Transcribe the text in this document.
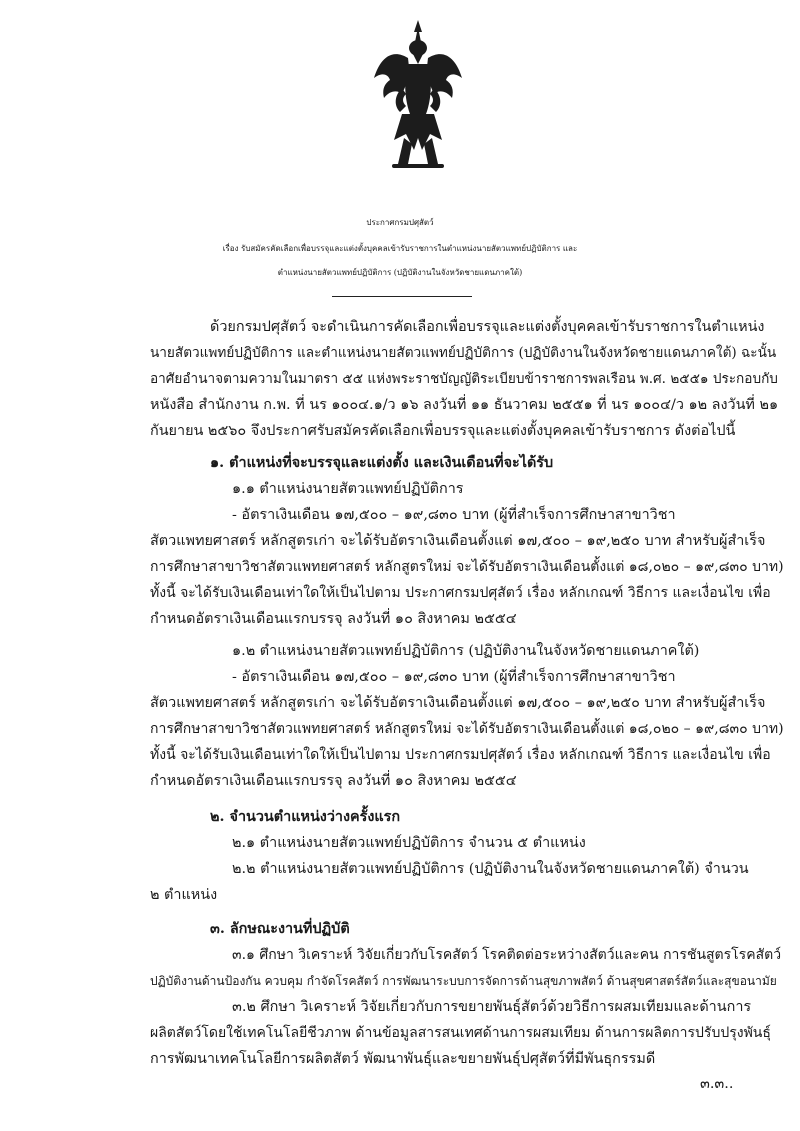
ประกาศกรมปศุสัตว์
เรื่อง รับสมัครคัดเลือกเพื่อบรรจุและแต่งตั้งบุคคลเข้ารับราชการในตำแหน่งนายสัตวแพทย์ปฏิบัติการ และ
ตำแหน่งนายสัตวแพทย์ปฏิบัติการ (ปฏิบัติงานในจังหวัดชายแดนภาคใต้)
ด้วยกรมปศุสัตว์ จะดำเนินการคัดเลือกเพื่อบรรจุและแต่งตั้งบุคคลเข้ารับราชการในตำแหน่ง
นายสัตวแพทย์ปฏิบัติการ และตำแหน่งนายสัตวแพทย์ปฏิบัติการ (ปฏิบัติงานในจังหวัดชายแดนภาคใต้) ฉะนั้น
อาศัยอำนาจตามความในมาตรา ๕๕ แห่งพระราชบัญญัติระเบียบข้าราชการพลเรือน พ.ศ. ๒๕๕๑ ประกอบกับ
หนังสือ สำนักงาน ก.พ. ที่ นร ๑๐๐๔.๑/ว ๑๖ ลงวันที่ ๑๑ ธันวาคม ๒๕๕๑ ที่ นร ๑๐๐๔/ว ๑๒ ลงวันที่ ๒๑
กันยายน ๒๕๖๐ จึงประกาศรับสมัครคัดเลือกเพื่อบรรจุและแต่งตั้งบุคคลเข้ารับราชการ ดังต่อไปนี้
๑. ตำแหน่งที่จะบรรจุและแต่งตั้ง และเงินเดือนที่จะได้รับ
๑.๑ ตำแหน่งนายสัตวแพทย์ปฏิบัติการ
- อัตราเงินเดือน ๑๗,๕๐๐ – ๑๙,๘๓๐ บาท (ผู้ที่สำเร็จการศึกษาสาขาวิชา
สัตวแพทยศาสตร์ หลักสูตรเก่า จะได้รับอัตราเงินเดือนตั้งแต่ ๑๗,๕๐๐ – ๑๙,๒๕๐ บาท สำหรับผู้สำเร็จ
การศึกษาสาขาวิชาสัตวแพทยศาสตร์ หลักสูตรใหม่ จะได้รับอัตราเงินเดือนตั้งแต่ ๑๘,๐๒๐ – ๑๙,๘๓๐ บาท)
ทั้งนี้ จะได้รับเงินเดือนเท่าใดให้เป็นไปตาม ประกาศกรมปศุสัตว์ เรื่อง หลักเกณฑ์ วิธีการ และเงื่อนไข เพื่อ
กำหนดอัตราเงินเดือนแรกบรรจุ ลงวันที่ ๑๐ สิงหาคม ๒๕๕๔
๑.๒ ตำแหน่งนายสัตวแพทย์ปฏิบัติการ (ปฏิบัติงานในจังหวัดชายแดนภาคใต้)
- อัตราเงินเดือน ๑๗,๕๐๐ – ๑๙,๘๓๐ บาท (ผู้ที่สำเร็จการศึกษาสาขาวิชา
สัตวแพทยศาสตร์ หลักสูตรเก่า จะได้รับอัตราเงินเดือนตั้งแต่ ๑๗,๕๐๐ – ๑๙,๒๕๐ บาท สำหรับผู้สำเร็จ
การศึกษาสาขาวิชาสัตวแพทยศาสตร์ หลักสูตรใหม่ จะได้รับอัตราเงินเดือนตั้งแต่ ๑๘,๐๒๐ – ๑๙,๘๓๐ บาท)
ทั้งนี้ จะได้รับเงินเดือนเท่าใดให้เป็นไปตาม ประกาศกรมปศุสัตว์ เรื่อง หลักเกณฑ์ วิธีการ และเงื่อนไข เพื่อ
กำหนดอัตราเงินเดือนแรกบรรจุ ลงวันที่ ๑๐ สิงหาคม ๒๕๕๔
๒. จำนวนตำแหน่งว่างครั้งแรก
๒.๑ ตำแหน่งนายสัตวแพทย์ปฏิบัติการ จำนวน ๕ ตำแหน่ง
๒.๒ ตำแหน่งนายสัตวแพทย์ปฏิบัติการ (ปฏิบัติงานในจังหวัดชายแดนภาคใต้) จำนวน
๒ ตำแหน่ง
๓. ลักษณะงานที่ปฏิบัติ
๓.๑ ศึกษา วิเคราะห์ วิจัยเกี่ยวกับโรคสัตว์ โรคติดต่อระหว่างสัตว์และคน การชันสูตรโรคสัตว์
ปฏิบัติงานด้านป้องกัน ควบคุม กำจัดโรคสัตว์ การพัฒนาระบบการจัดการด้านสุขภาพสัตว์ ด้านสุขศาสตร์สัตว์และสุขอนามัย
๓.๒ ศึกษา วิเคราะห์ วิจัยเกี่ยวกับการขยายพันธุ์สัตว์ด้วยวิธีการผสมเทียมและด้านการ
ผลิตสัตว์โดยใช้เทคโนโลยีชีวภาพ ด้านข้อมูลสารสนเทศด้านการผสมเทียม ด้านการผลิตการปรับปรุงพันธุ์
การพัฒนาเทคโนโลยีการผลิตสัตว์ พัฒนาพันธุ์และขยายพันธุ์ปศุสัตว์ที่มีพันธุกรรมดี
๓.๓..
